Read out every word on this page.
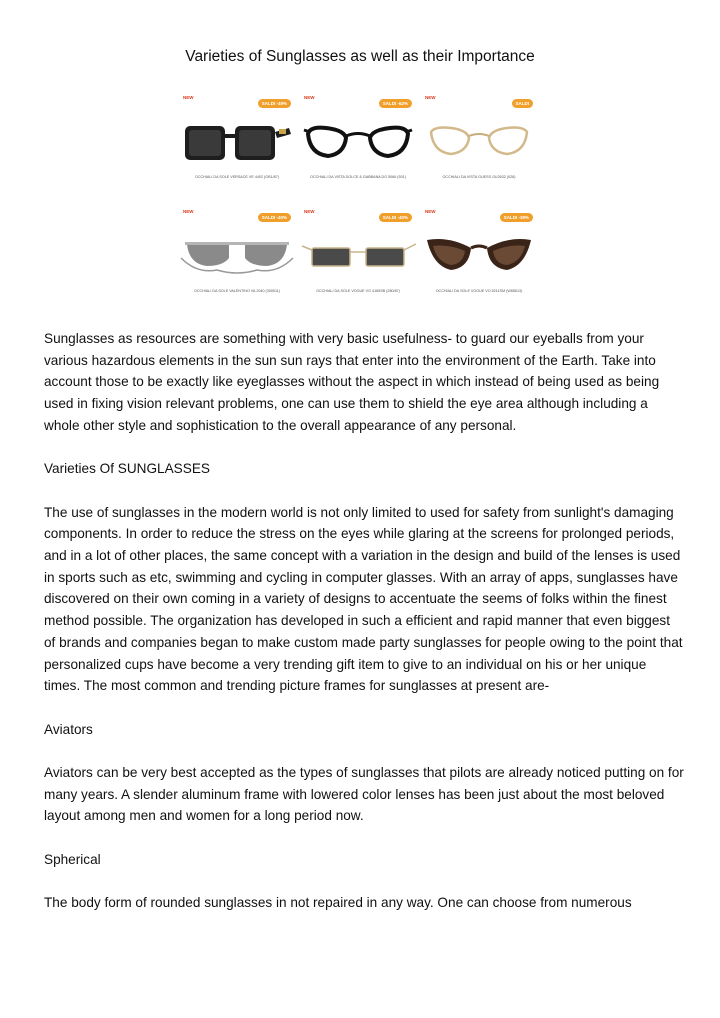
Varieties of Sunglasses as well as their Importance
NEW
SALDI -49%
OCCHIALI DA SOLE VERSACE VE 4402 (GB1/87)
NEW
SALDI -62%
OCCHIALI DA VISTA DOLCE & GABBANA DG 5066 (501)
NEW
SALDI
OCCHIALI DA VISTA GUESS GU2632 (028)
NEW
SALDI -40%
OCCHIALI DA SOLE VALENTINO VA 2040 (300511)
NEW
SALDI -40%
OCCHIALI DA SOLE VOGUE VO 4165SB (280/87)
NEW
SALDI -39%
OCCHIALI DA SOLE VOGUE VO 5211SM (W65613)

Sunglasses as resources are something with very basic usefulness- to guard our eyeballs from your various hazardous elements in the sun sun rays that enter into the environment of the Earth. Take into account those to be exactly like eyeglasses without the aspect in which instead of being used as being used in fixing vision relevant problems, one can use them to shield the eye area although including a whole other style and sophistication to the overall appearance of any personal.

Varieties Of SUNGLASSES

The use of sunglasses in the modern world is not only limited to used for safety from sunlight's damaging components. In order to reduce the stress on the eyes while glaring at the screens for prolonged periods, and in a lot of other places, the same concept with a variation in the design and build of the lenses is used in sports such as etc, swimming and cycling in computer glasses. With an array of apps, sunglasses have discovered on their own coming in a variety of designs to accentuate the seems of folks within the finest method possible. The organization has developed in such a efficient and rapid manner that even biggest of brands and companies began to make custom made party sunglasses for people owing to the point that personalized cups have become a very trending gift item to give to an individual on his or her unique times. The most common and trending picture frames for sunglasses at present are-

Aviators

Aviators can be very best accepted as the types of sunglasses that pilots are already noticed putting on for many years. A slender aluminum frame with lowered color lenses has been just about the most beloved layout among men and women for a long period now.

Spherical

The body form of rounded sunglasses in not repaired in any way. One can choose from numerous
